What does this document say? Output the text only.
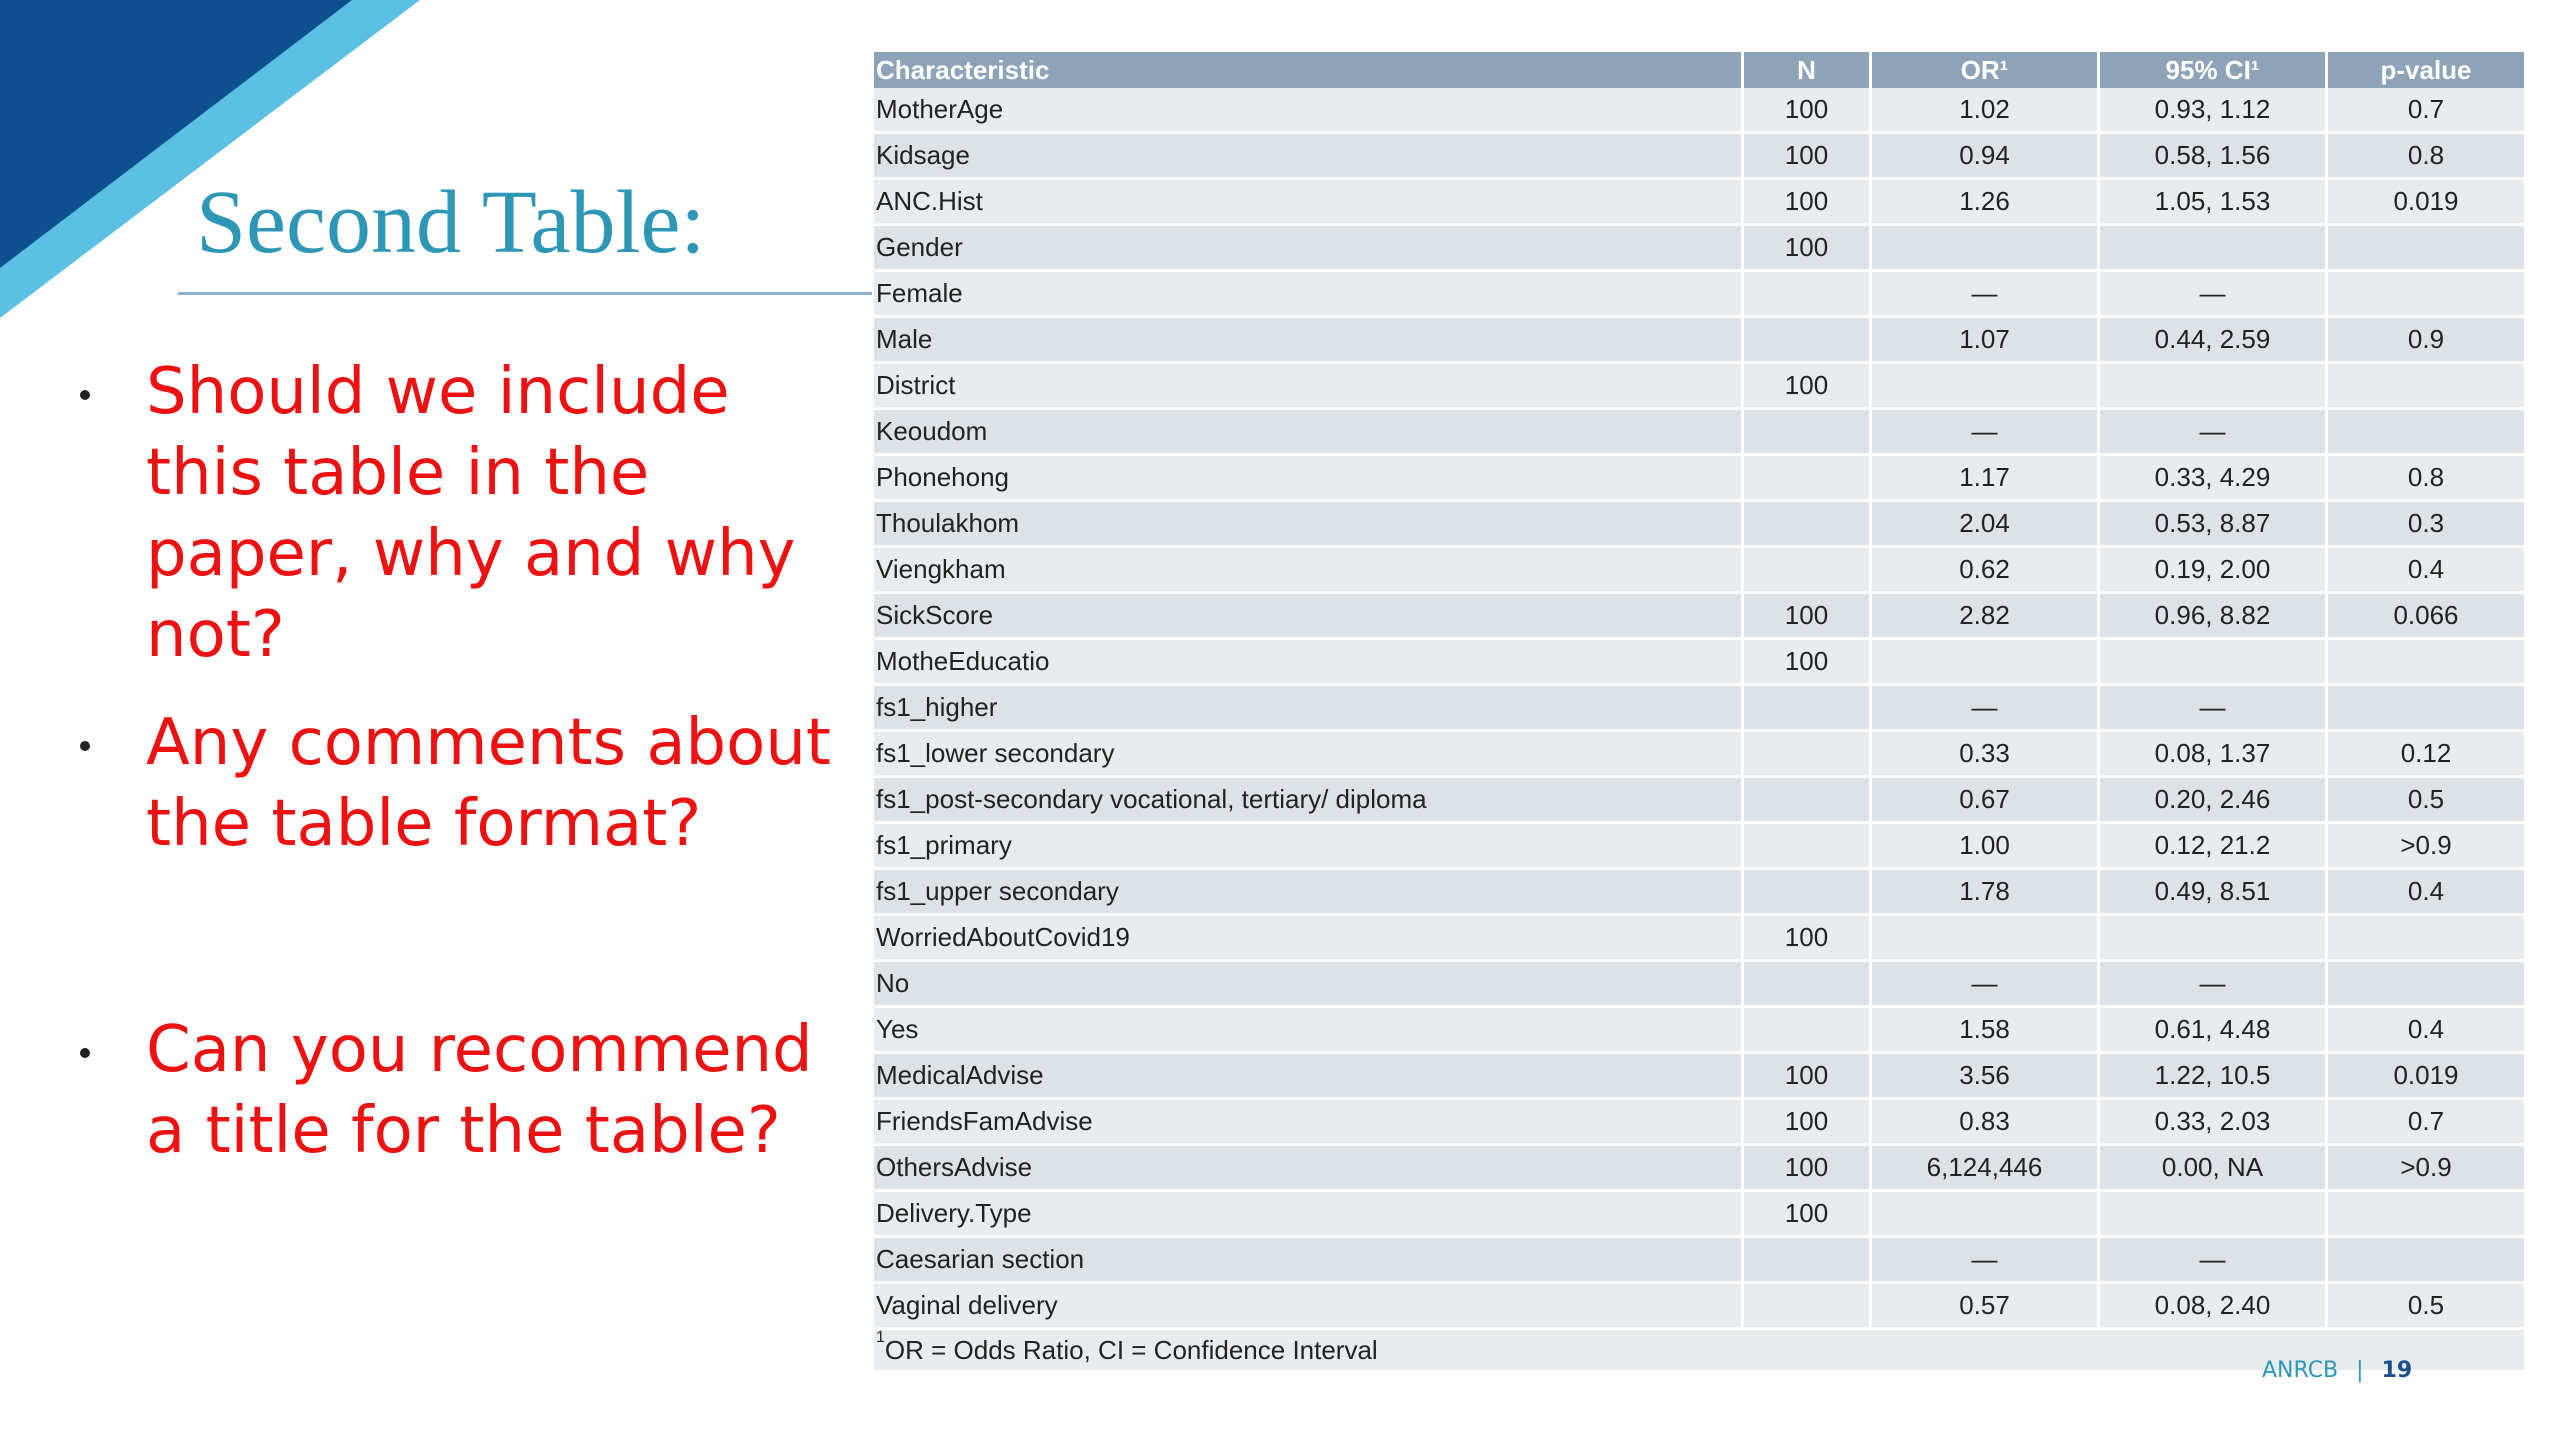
Second Table:
Should we include this table in the paper, why and why not?
Any comments about the table format?
Can you recommend a title for the table?
Characteristic	N	OR¹	95% CI¹	p-value
MotherAge	100	1.02	0.93, 1.12	0.7
Kidsage	100	0.94	0.58, 1.56	0.8
ANC.Hist	100	1.26	1.05, 1.53	0.019
Gender	100			
Female		—	—	
Male		1.07	0.44, 2.59	0.9
District	100			
Keoudom		—	—	
Phonehong		1.17	0.33, 4.29	0.8
Thoulakhom		2.04	0.53, 8.87	0.3
Viengkham		0.62	0.19, 2.00	0.4
SickScore	100	2.82	0.96, 8.82	0.066
MotheEducatio	100			
fs1_higher		—	—	
fs1_lower secondary		0.33	0.08, 1.37	0.12
fs1_post-secondary vocational, tertiary/ diploma		0.67	0.20, 2.46	0.5
fs1_primary		1.00	0.12, 21.2	>0.9
fs1_upper secondary		1.78	0.49, 8.51	0.4
WorriedAboutCovid19	100			
No		—	—	
Yes		1.58	0.61, 4.48	0.4
MedicalAdvise	100	3.56	1.22, 10.5	0.019
FriendsFamAdvise	100	0.83	0.33, 2.03	0.7
OthersAdvise	100	6,124,446	0.00, NA	>0.9
Delivery.Type	100			
Caesarian section		—	—	
Vaginal delivery		0.57	0.08, 2.40	0.5
$^1$OR = Odds Ratio, CI = Confidence Interval
ANRCB | 19
